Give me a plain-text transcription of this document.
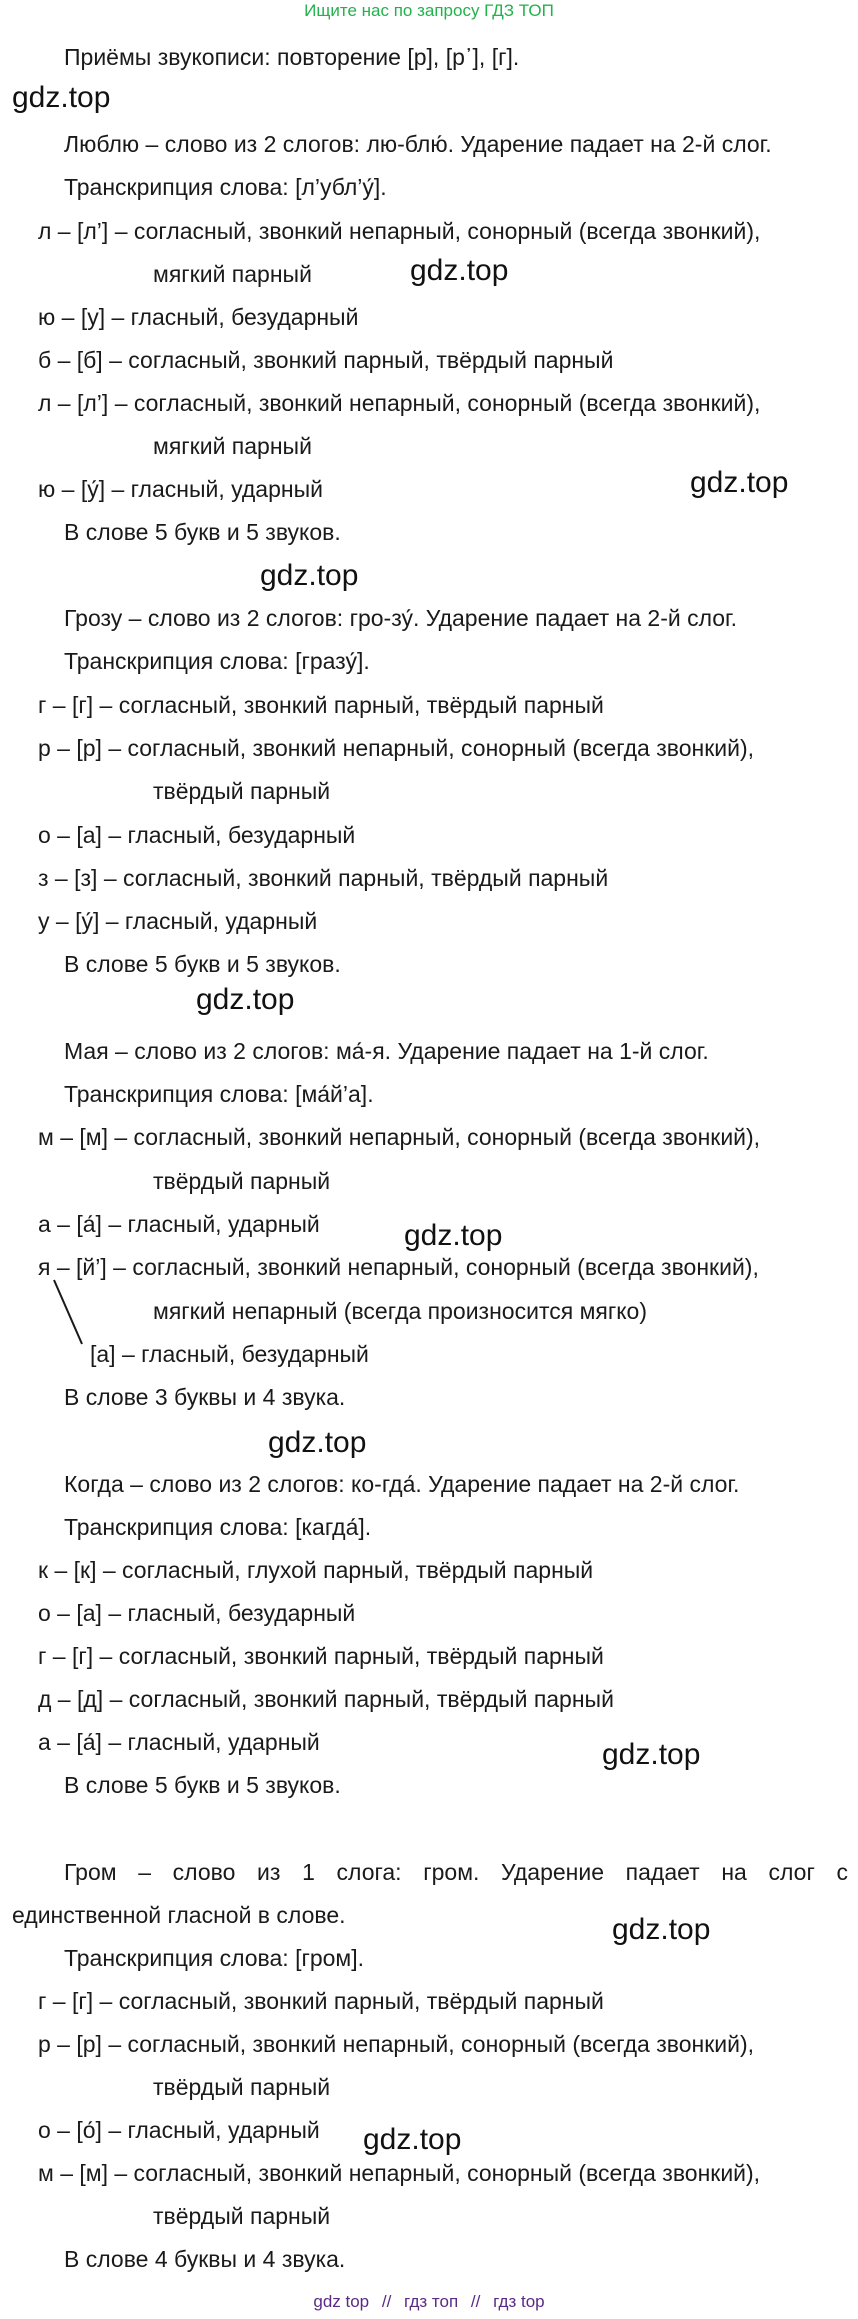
Ищите нас по запросу ГДЗ ТОП
Приёмы звукописи: повторение [р], [р᾽], [г].
gdz.top
gdz.top
gdz.top
gdz.top
gdz.top
gdz.top
gdz.top
gdz.top
gdz.top
gdz.top
Люблю – слово из 2 слогов: лю-блю́. Ударение падает на 2-й слог.
Транскрипция слова: [л’убл’у́].
л – [л’] – согласный, звонкий непарный, сонорный (всегда звонкий),
мягкий парный
ю – [у] – гласный, безударный
б – [б] – согласный, звонкий парный, твёрдый парный
л – [л’] – согласный, звонкий непарный, сонорный (всегда звонкий),
мягкий парный
ю – [у́] – гласный, ударный
В слове 5 букв и 5 звуков.
Грозу – слово из 2 слогов: гро-зу́. Ударение падает на 2-й слог.
Транскрипция слова: [гразу́].
г – [г] – согласный, звонкий парный, твёрдый парный
р – [р] – согласный, звонкий непарный, сонорный (всегда звонкий),
твёрдый парный
о – [а] – гласный, безударный
з – [з] – согласный, звонкий парный, твёрдый парный
у – [у́] – гласный, ударный
В слове 5 букв и 5 звуков.
Мая – слово из 2 слогов: ма́-я. Ударение падает на 1-й слог.
Транскрипция слова: [ма́й’а].
м – [м] – согласный, звонкий непарный, сонорный (всегда звонкий),
твёрдый парный
а – [а́] – гласный, ударный
я – [й’] – согласный, звонкий непарный, сонорный (всегда звонкий),
мягкий непарный (всегда произносится мягко)
[а] – гласный, безударный
В слове 3 буквы и 4 звука.
Когда – слово из 2 слогов: ко-гда́. Ударение падает на 2-й слог.
Транскрипция слова: [кагда́].
к – [к] – согласный, глухой парный, твёрдый парный
о – [а] – гласный, безударный
г – [г] – согласный, звонкий парный, твёрдый парный
д – [д] – согласный, звонкий парный, твёрдый парный
а – [а́] – гласный, ударный
В слове 5 букв и 5 звуков.
Гром – слово из 1 слога: гром. Ударение падает на слог с
единственной гласной в слове.
Транскрипция слова: [гром].
г – [г] – согласный, звонкий парный, твёрдый парный
р – [р] – согласный, звонкий непарный, сонорный (всегда звонкий),
твёрдый парный
о – [о́] – гласный, ударный
м – [м] – согласный, звонкий непарный, сонорный (всегда звонкий),
твёрдый парный
В слове 4 буквы и 4 звука.
gdz top // гдз топ // гдз top
